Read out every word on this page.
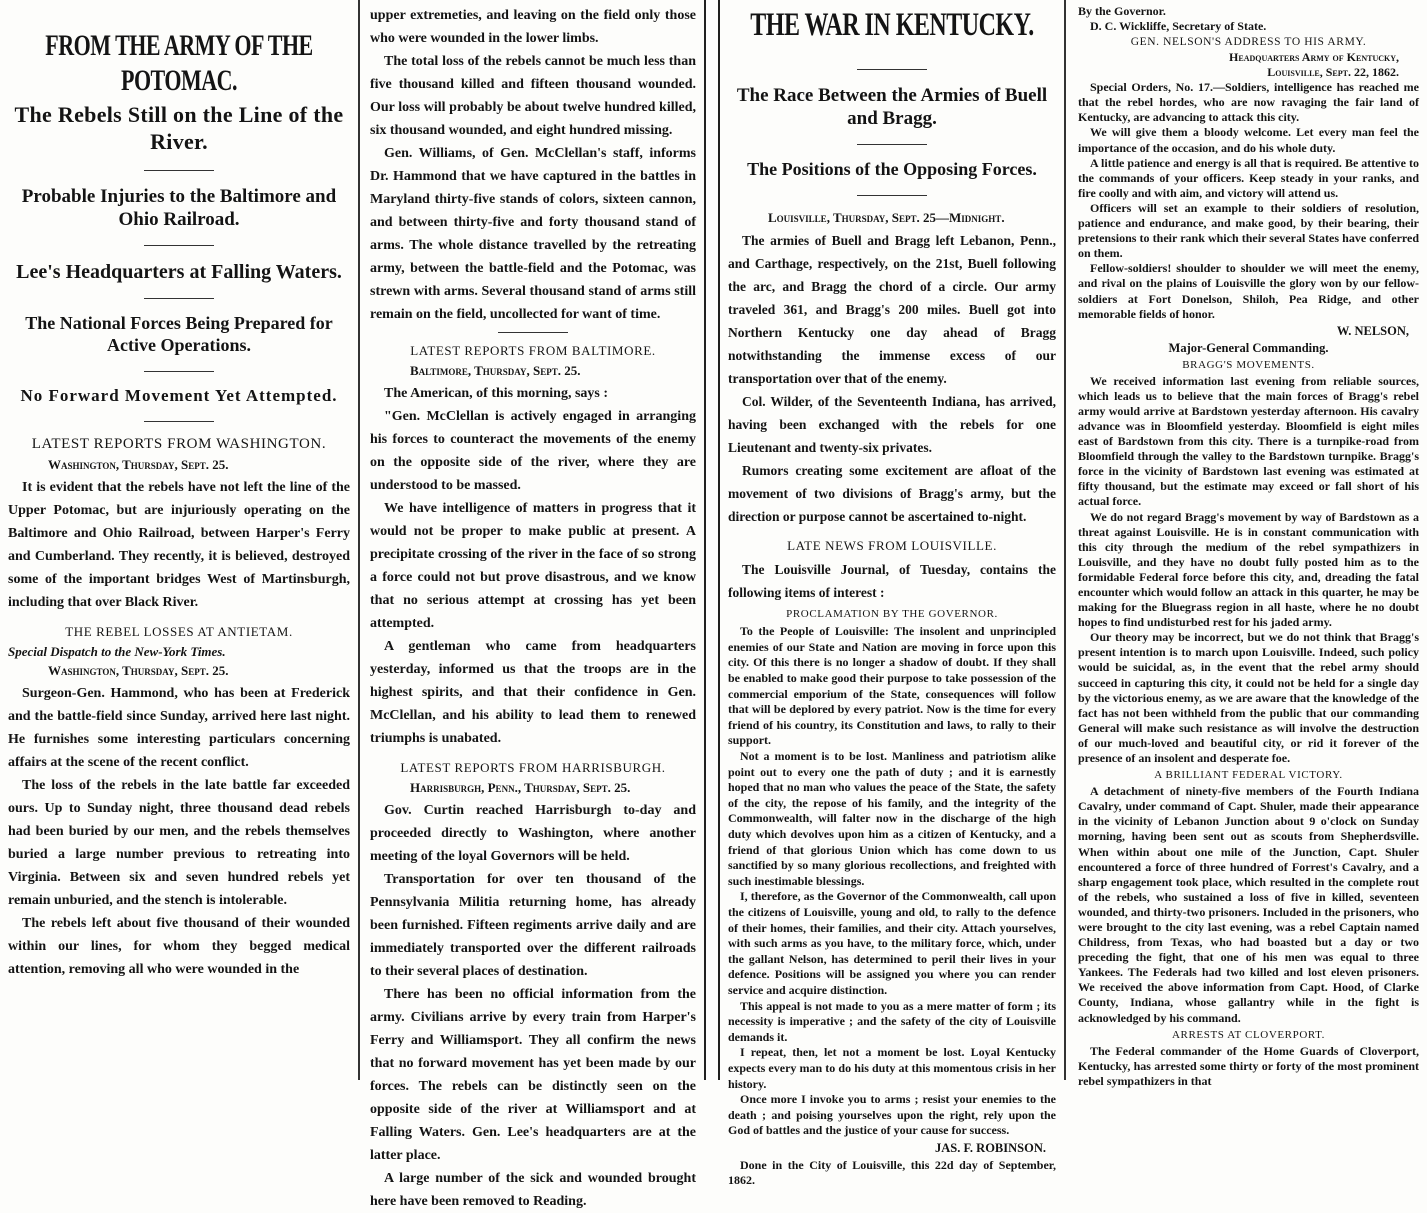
FROM THE ARMY OF THE POTOMAC.
The Rebels Still on the Line of the River.
Probable Injuries to the Baltimore and Ohio Railroad.
Lee's Headquarters at Falling Waters.
The National Forces Being Prepared for Active Operations.
No Forward Movement Yet Attempted.
LATEST REPORTS FROM WASHINGTON.
Washington, Thursday, Sept. 25.

It is evident that the rebels have not left the line of the Upper Potomac, but are injuriously operating on the Baltimore and Ohio Railroad, between Harper's Ferry and Cumberland. They recently, it is believed, destroyed some of the important bridges West of Martinsburgh, including that over Black River.

THE REBEL LOSSES AT ANTIETAM.
Special Dispatch to the New-York Times.
Washington, Thursday, Sept. 25.

Surgeon-Gen. Hammond, who has been at Frederick and the battle-field since Sunday, arrived here last night. He furnishes some interesting particulars concerning affairs at the scene of the recent conflict.

The loss of the rebels in the late battle far exceeded ours. Up to Sunday night, three thousand dead rebels had been buried by our men, and the rebels themselves buried a large number previous to retreating into Virginia. Between six and seven hundred rebels yet remain unburied, and the stench is intolerable.

The rebels left about five thousand of their wounded within our lines, for whom they begged medical attention, removing all who were wounded in the

upper extremeties, and leaving on the field only those who were wounded in the lower limbs.

The total loss of the rebels cannot be much less than five thousand killed and fifteen thousand wounded. Our loss will probably be about twelve hundred killed, six thousand wounded, and eight hundred missing.

Gen. Williams, of Gen. McClellan's staff, informs Dr. Hammond that we have captured in the battles in Maryland thirty-five stands of colors, sixteen cannon, and between thirty-five and forty thousand stand of arms. The whole distance travelled by the retreating army, between the battle-field and the Potomac, was strewn with arms. Several thousand stand of arms still remain on the field, uncollected for want of time.

LATEST REPORTS FROM BALTIMORE.
Baltimore, Thursday, Sept. 25.

The American, of this morning, says :

"Gen. McClellan is actively engaged in arranging his forces to counteract the movements of the enemy on the opposite side of the river, where they are understood to be massed.

We have intelligence of matters in progress that it would not be proper to make public at present. A precipitate crossing of the river in the face of so strong a force could not but prove disastrous, and we know that no serious attempt at crossing has yet been attempted.

A gentleman who came from headquarters yesterday, informed us that the troops are in the highest spirits, and that their confidence in Gen. McClellan, and his ability to lead them to renewed triumphs is unabated.

LATEST REPORTS FROM HARRISBURGH.
Harrisburgh, Penn., Thursday, Sept. 25.

Gov. Curtin reached Harrisburgh to-day and proceeded directly to Washington, where another meeting of the loyal Governors will be held.

Transportation for over ten thousand of the Pennsylvania Militia returning home, has already been furnished. Fifteen regiments arrive daily and are immediately transported over the different railroads to their several places of destination.

There has been no official information from the army. Civilians arrive by every train from Harper's Ferry and Williamsport. They all confirm the news that no forward movement has yet been made by our forces. The rebels can be distinctly seen on the opposite side of the river at Williamsport and at Falling Waters. Gen. Lee's headquarters are at the latter place.

A large number of the sick and wounded brought here have been removed to Reading.

THE WAR IN KENTUCKY.
The Race Between the Armies of Buell and Bragg.
The Positions of the Opposing Forces.
Louisville, Thursday, Sept. 25—Midnight.

The armies of Buell and Bragg left Lebanon, Penn., and Carthage, respectively, on the 21st, Buell following the arc, and Bragg the chord of a circle. Our army traveled 361, and Bragg's 200 miles. Buell got into Northern Kentucky one day ahead of Bragg notwithstanding the immense excess of our transportation over that of the enemy.

Col. Wilder, of the Seventeenth Indiana, has arrived, having been exchanged with the rebels for one Lieutenant and twenty-six privates.

Rumors creating some excitement are afloat of the movement of two divisions of Bragg's army, but the direction or purpose cannot be ascertained to-night.

LATE NEWS FROM LOUISVILLE.

The Louisville Journal, of Tuesday, contains the following items of interest :

PROCLAMATION BY THE GOVERNOR.

To the People of Louisville: The insolent and unprincipled enemies of our State and Nation are moving in force upon this city. Of this there is no longer a shadow of doubt. If they shall be enabled to make good their purpose to take possession of the commercial emporium of the State, consequences will follow that will be deplored by every patriot. Now is the time for every friend of his country, its Constitution and laws, to rally to their support.

Not a moment is to be lost. Manliness and patriotism alike point out to every one the path of duty ; and it is earnestly hoped that no man who values the peace of the State, the safety of the city, the repose of his family, and the integrity of the Commonwealth, will falter now in the discharge of the high duty which devolves upon him as a citizen of Kentucky, and a friend of that glorious Union which has come down to us sanctified by so many glorious recollections, and freighted with such inestimable blessings.

I, therefore, as the Governor of the Commonwealth, call upon the citizens of Louisville, young and old, to rally to the defence of their homes, their families, and their city. Attach yourselves, with such arms as you have, to the military force, which, under the gallant Nelson, has determined to peril their lives in your defence. Positions will be assigned you where you can render service and acquire distinction.

This appeal is not made to you as a mere matter of form ; its necessity is imperative ; and the safety of the city of Louisville demands it.

I repeat, then, let not a moment be lost. Loyal Kentucky expects every man to do his duty at this momentous crisis in her history.

Once more I invoke you to arms ; resist your enemies to the death ; and poising yourselves upon the right, rely upon the God of battles and the justice of your cause for success.

JAS. F. ROBINSON.

Done in the City of Louisville, this 22d day of September, 1862.

By the Governor.

D. C. Wickliffe, Secretary of State.

GEN. NELSON'S ADDRESS TO HIS ARMY.
Headquarters Army of Kentucky,
Louisville, Sept. 22, 1862.

Special Orders, No. 17.—Soldiers, intelligence has reached me that the rebel hordes, who are now ravaging the fair land of Kentucky, are advancing to attack this city.

We will give them a bloody welcome. Let every man feel the importance of the occasion, and do his whole duty.

A little patience and energy is all that is required. Be attentive to the commands of your officers. Keep steady in your ranks, and fire coolly and with aim, and victory will attend us.

Officers will set an example to their soldiers of resolution, patience and endurance, and make good, by their bearing, their pretensions to their rank which their several States have conferred on them.

Fellow-soldiers! shoulder to shoulder we will meet the enemy, and rival on the plains of Louisville the glory won by our fellow-soldiers at Fort Donelson, Shiloh, Pea Ridge, and other memorable fields of honor.

W. NELSON,
Major-General Commanding.
BRAGG'S MOVEMENTS.

We received information last evening from reliable sources, which leads us to believe that the main forces of Bragg's rebel army would arrive at Bardstown yesterday afternoon. His cavalry advance was in Bloomfield yesterday. Bloomfield is eight miles east of Bardstown from this city. There is a turnpike-road from Bloomfield through the valley to the Bardstown turnpike. Bragg's force in the vicinity of Bardstown last evening was estimated at fifty thousand, but the estimate may exceed or fall short of his actual force.

We do not regard Bragg's movement by way of Bardstown as a threat against Louisville. He is in constant communication with this city through the medium of the rebel sympathizers in Louisville, and they have no doubt fully posted him as to the formidable Federal force before this city, and, dreading the fatal encounter which would follow an attack in this quarter, he may be making for the Bluegrass region in all haste, where he no doubt hopes to find undisturbed rest for his jaded army.

Our theory may be incorrect, but we do not think that Bragg's present intention is to march upon Louisville. Indeed, such policy would be suicidal, as, in the event that the rebel army should succeed in capturing this city, it could not be held for a single day by the victorious enemy, as we are aware that the knowledge of the fact has not been withheld from the public that our commanding General will make such resistance as will involve the destruction of our much-loved and beautiful city, or rid it forever of the presence of an insolent and desperate foe.

A BRILLIANT FEDERAL VICTORY.

A detachment of ninety-five members of the Fourth Indiana Cavalry, under command of Capt. Shuler, made their appearance in the vicinity of Lebanon Junction about 9 o'clock on Sunday morning, having been sent out as scouts from Shepherdsville. When within about one mile of the Junction, Capt. Shuler encountered a force of three hundred of Forrest's Cavalry, and a sharp engagement took place, which resulted in the complete rout of the rebels, who sustained a loss of five in killed, seventeen wounded, and thirty-two prisoners. Included in the prisoners, who were brought to the city last evening, was a rebel Captain named Childress, from Texas, who had boasted but a day or two preceding the fight, that one of his men was equal to three Yankees. The Federals had two killed and lost eleven prisoners. We received the above information from Capt. Hood, of Clarke County, Indiana, whose gallantry while in the fight is acknowledged by his command.

ARRESTS AT CLOVERPORT.

The Federal commander of the Home Guards of Cloverport, Kentucky, has arrested some thirty or forty of the most prominent rebel sympathizers in that
